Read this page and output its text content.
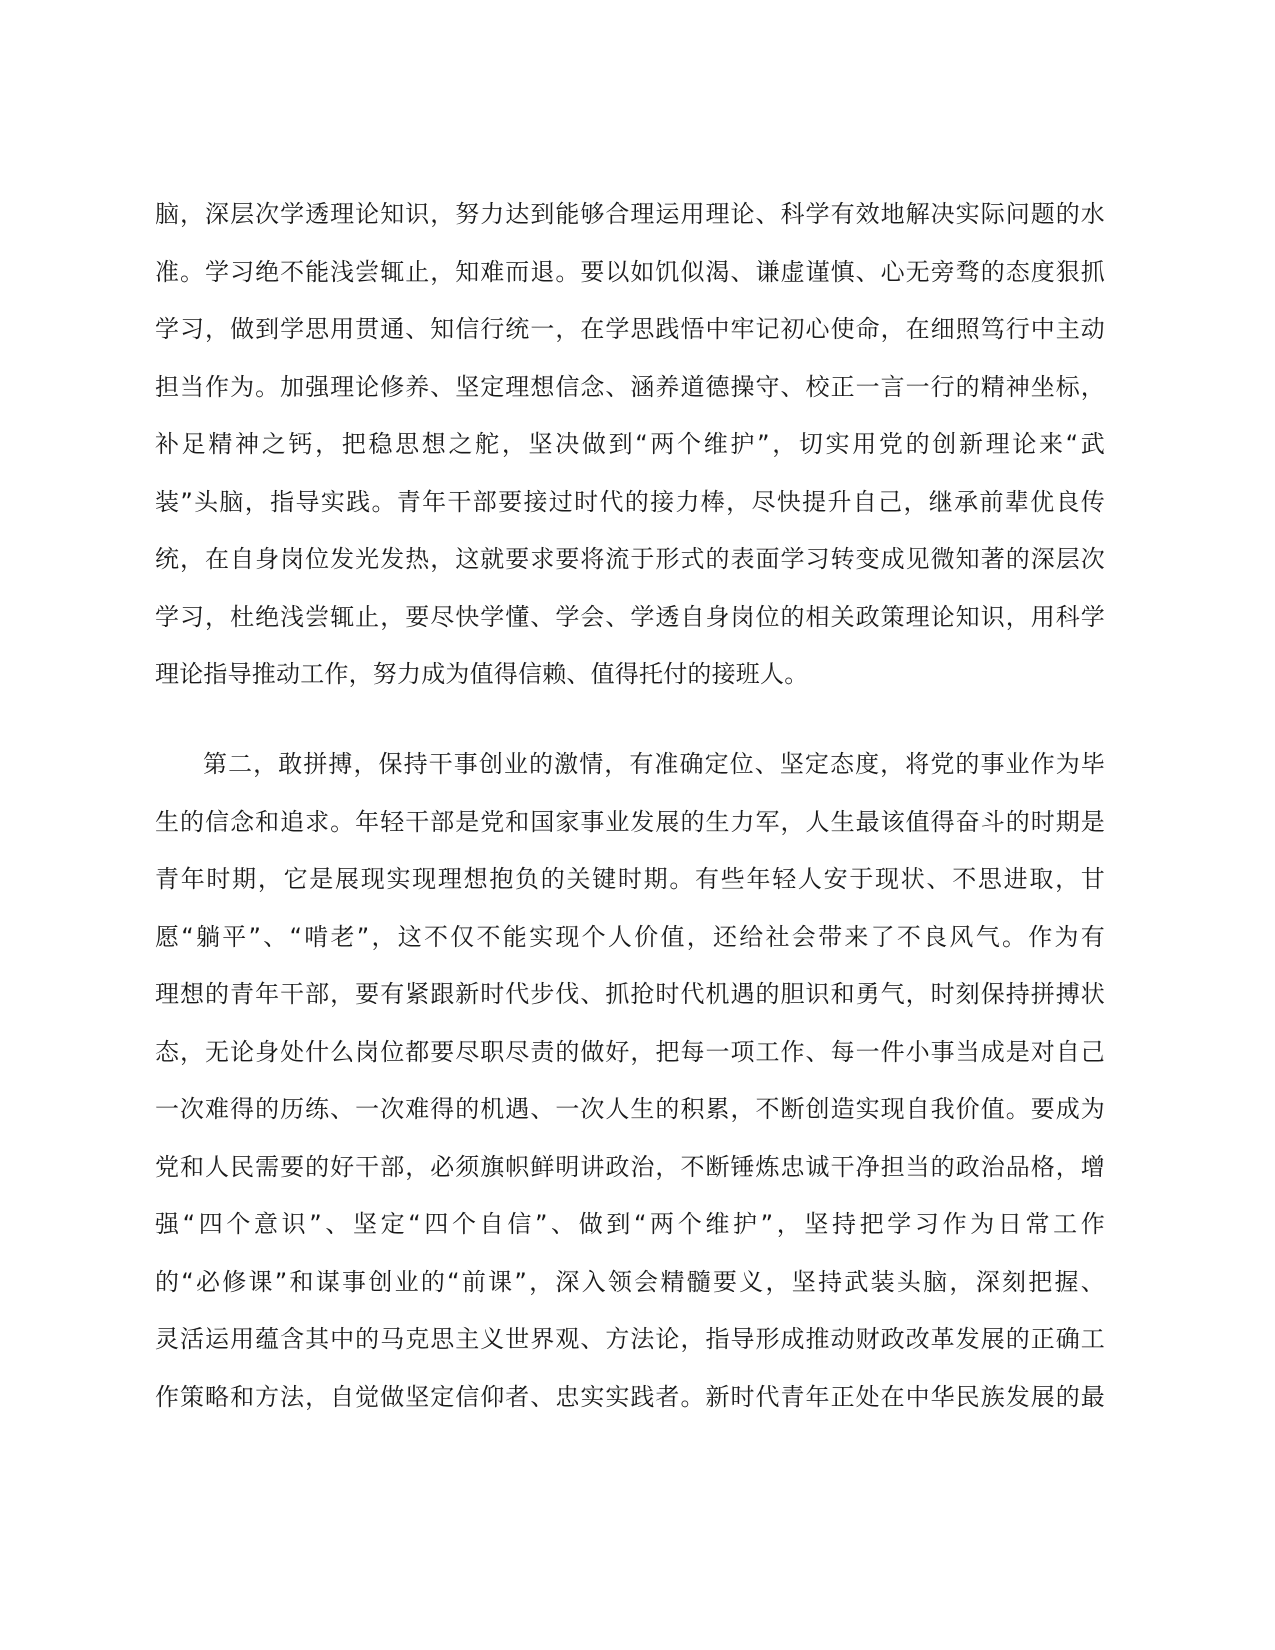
脑，深层次学透理论知识，努力达到能够合理运用理论、科学有效地解决实际问题的水
准。学习绝不能浅尝辄止，知难而退。要以如饥似渴、谦虚谨慎、心无旁骛的态度狠抓
学习，做到学思用贯通、知信行统一，在学思践悟中牢记初心使命，在细照笃行中主动
担当作为。加强理论修养、坚定理想信念、涵养道德操守、校正一言一行的精神坐标，
补足精神之钙，把稳思想之舵，坚决做到“两个维护”，切实用党的创新理论来“武
装”头脑，指导实践。青年干部要接过时代的接力棒，尽快提升自己，继承前辈优良传
统，在自身岗位发光发热，这就要求要将流于形式的表面学习转变成见微知著的深层次
学习，杜绝浅尝辄止，要尽快学懂、学会、学透自身岗位的相关政策理论知识，用科学
理论指导推动工作，努力成为值得信赖、值得托付的接班人。
第二，敢拼搏，保持干事创业的激情，有准确定位、坚定态度，将党的事业作为毕
生的信念和追求。年轻干部是党和国家事业发展的生力军，人生最该值得奋斗的时期是
青年时期，它是展现实现理想抱负的关键时期。有些年轻人安于现状、不思进取，甘
愿“躺平”、“啃老”，这不仅不能实现个人价值，还给社会带来了不良风气。作为有
理想的青年干部，要有紧跟新时代步伐、抓抢时代机遇的胆识和勇气，时刻保持拼搏状
态，无论身处什么岗位都要尽职尽责的做好，把每一项工作、每一件小事当成是对自己
一次难得的历练、一次难得的机遇、一次人生的积累，不断创造实现自我价值。要成为
党和人民需要的好干部，必须旗帜鲜明讲政治，不断锤炼忠诚干净担当的政治品格，增
强“四个意识”、坚定“四个自信”、做到“两个维护”，坚持把学习作为日常工作
的“必修课”和谋事创业的“前课”，深入领会精髓要义，坚持武装头脑，深刻把握、
灵活运用蕴含其中的马克思主义世界观、方法论，指导形成推动财政改革发展的正确工
作策略和方法，自觉做坚定信仰者、忠实实践者。新时代青年正处在中华民族发展的最
